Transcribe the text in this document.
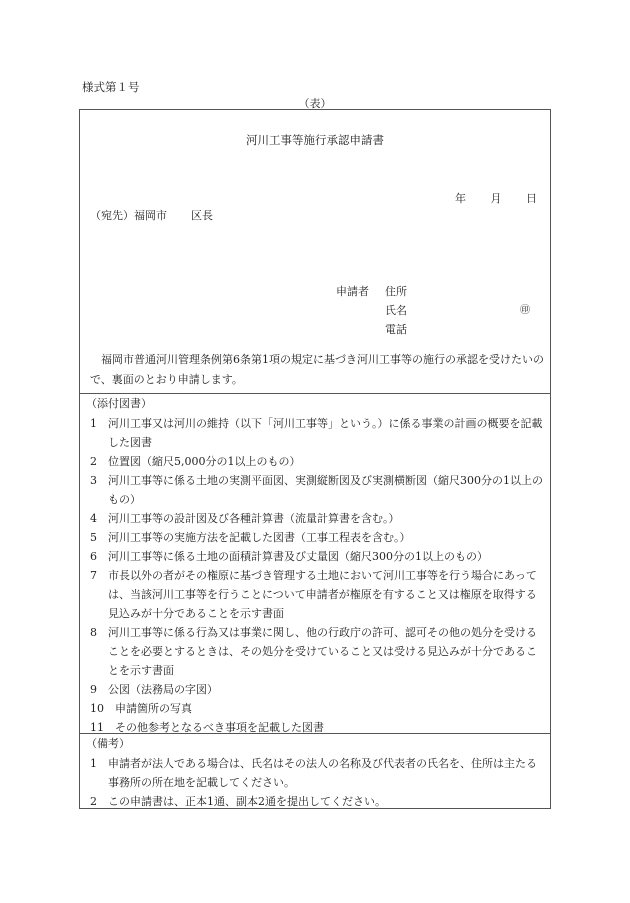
様式第１号
（表）
河川工事等施行承認申請書
年 月 日
（宛先）福岡市 区長
申請者	住所
氏名
電話
㊞
福岡市普通河川管理条例第6条第1項の規定に基づき河川工事等の施行の承認を受けたいので、裏面のとおり申請します。
（添付図書）
1　河川工事又は河川の維持（以下「河川工事等」という。）に係る事業の計画の概要を記載した図書
2　位置図（縮尺5,000分の1以上のもの）
3　河川工事等に係る土地の実測平面図、実測縦断図及び実測横断図（縮尺300分の1以上のもの）
4　河川工事等の設計図及び各種計算書（流量計算書を含む。）
5　河川工事等の実施方法を記載した図書（工事工程表を含む。）
6　河川工事等に係る土地の面積計算書及び丈量図（縮尺300分の1以上のもの）
7　市長以外の者がその権原に基づき管理する土地において河川工事等を行う場合にあっては、当該河川工事等を行うことについて申請者が権原を有すること又は権原を取得する見込みが十分であることを示す書面
8　河川工事等に係る行為又は事業に関し、他の行政庁の許可、認可その他の処分を受けることを必要とするときは、その処分を受けていること又は受ける見込みが十分であることを示す書面
9　公図（法務局の字図）
10　申請箇所の写真
11　その他参考となるべき事項を記載した図書
（備考）
1　申請者が法人である場合は、氏名はその法人の名称及び代表者の氏名を、住所は主たる事務所の所在地を記載してください。
2　この申請書は、正本1通、副本2通を提出してください。
